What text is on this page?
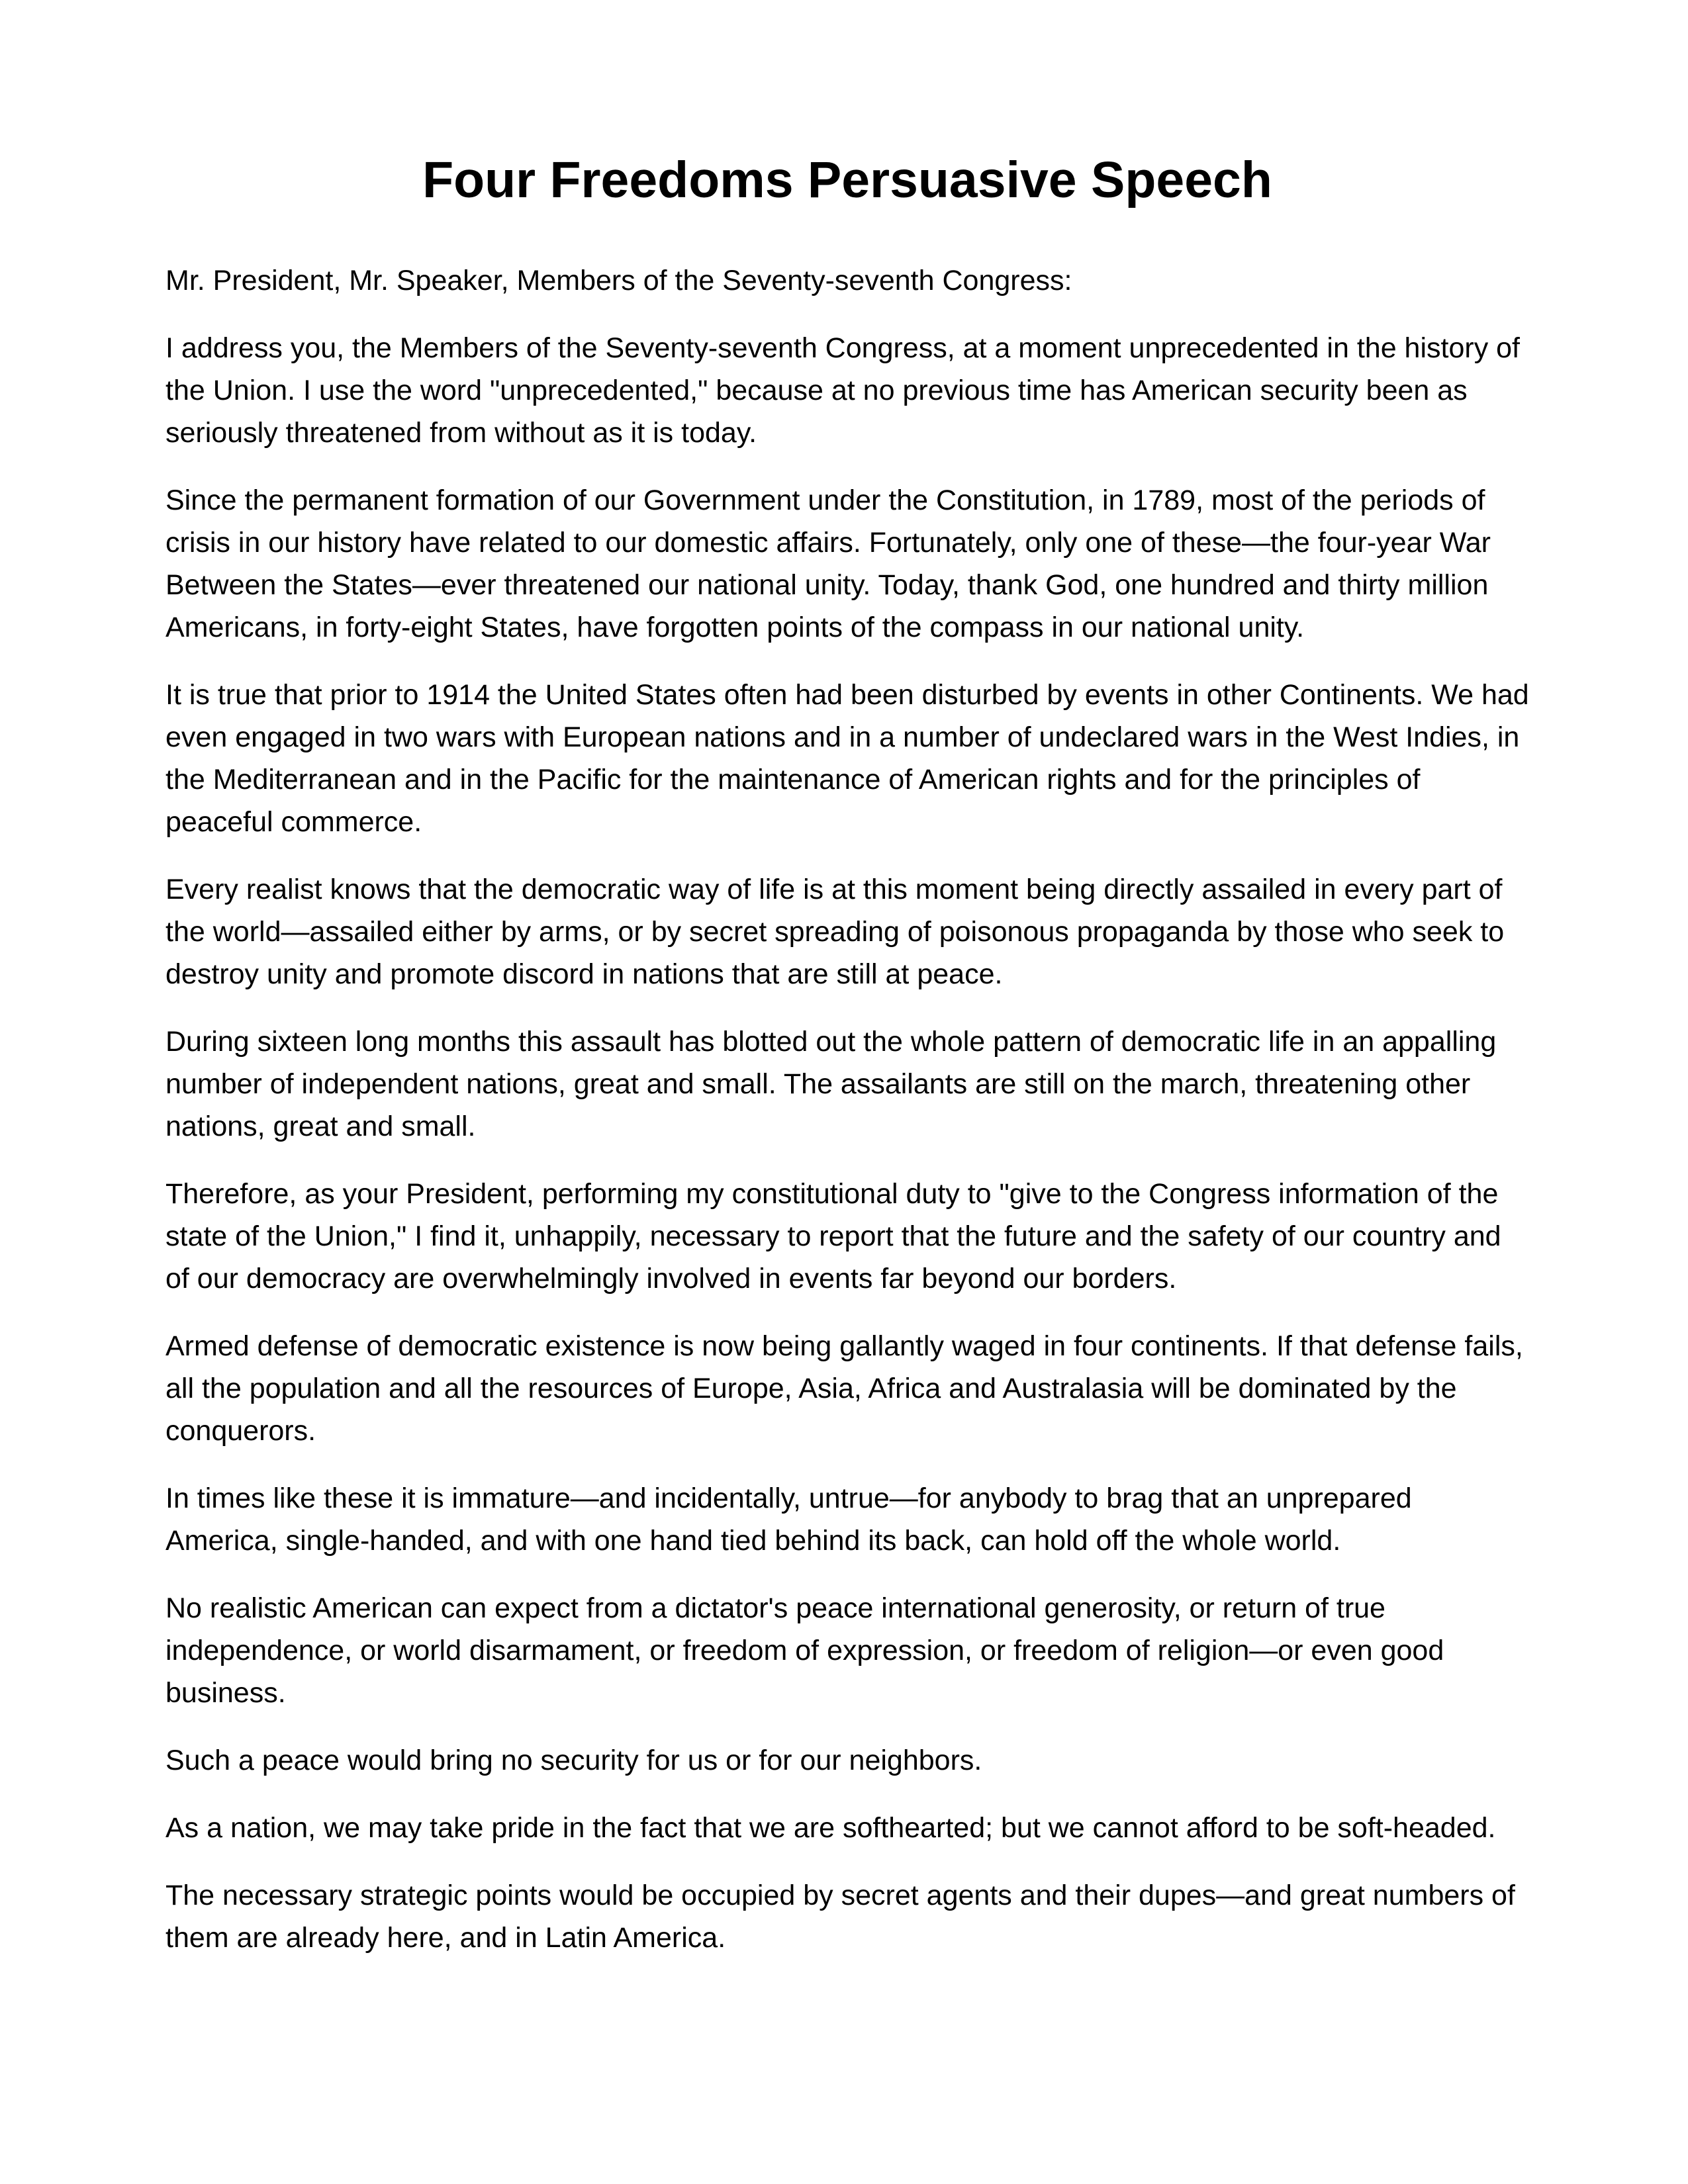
Four Freedoms Persuasive Speech

Mr. President, Mr. Speaker, Members of the Seventy-seventh Congress:

I address you, the Members of the Seventy-seventh Congress, at a moment unprecedented in the history of the Union. I use the word "unprecedented," because at no previous time has American security been as seriously threatened from without as it is today.

Since the permanent formation of our Government under the Constitution, in 1789, most of the periods of crisis in our history have related to our domestic affairs. Fortunately, only one of these—the four-year War Between the States—ever threatened our national unity. Today, thank God, one hundred and thirty million Americans, in forty-eight States, have forgotten points of the compass in our national unity.

It is true that prior to 1914 the United States often had been disturbed by events in other Continents. We had even engaged in two wars with European nations and in a number of undeclared wars in the West Indies, in the Mediterranean and in the Pacific for the maintenance of American rights and for the principles of peaceful commerce.

Every realist knows that the democratic way of life is at this moment being directly assailed in every part of the world—assailed either by arms, or by secret spreading of poisonous propaganda by those who seek to destroy unity and promote discord in nations that are still at peace.

During sixteen long months this assault has blotted out the whole pattern of democratic life in an appalling number of independent nations, great and small. The assailants are still on the march, threatening other nations, great and small.

Therefore, as your President, performing my constitutional duty to "give to the Congress information of the state of the Union," I find it, unhappily, necessary to report that the future and the safety of our country and of our democracy are overwhelmingly involved in events far beyond our borders.

Armed defense of democratic existence is now being gallantly waged in four continents. If that defense fails, all the population and all the resources of Europe, Asia, Africa and Australasia will be dominated by the conquerors.

In times like these it is immature—and incidentally, untrue—for anybody to brag that an unprepared America, single-handed, and with one hand tied behind its back, can hold off the whole world.

No realistic American can expect from a dictator's peace international generosity, or return of true independence, or world disarmament, or freedom of expression, or freedom of religion—or even good business.

Such a peace would bring no security for us or for our neighbors.

As a nation, we may take pride in the fact that we are softhearted; but we cannot afford to be soft-headed.

The necessary strategic points would be occupied by secret agents and their dupes—and great numbers of them are already here, and in Latin America.
